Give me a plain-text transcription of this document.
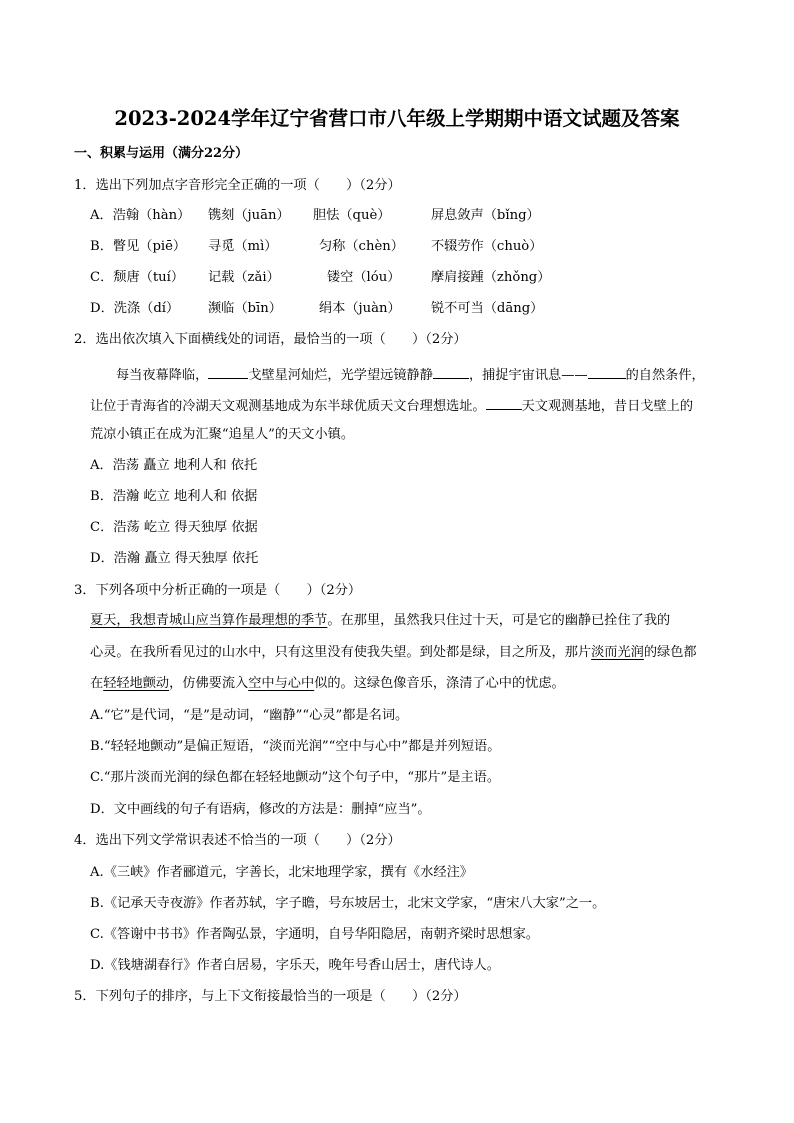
2023-2024学年辽宁省营口市八年级上学期期中语文试题及答案
一、积累与运用（满分22分）
1．选出下列加点字音形完全正确的一项（　　）（2分）
A．浩翰（hàn） 镌刻（juān） 胆怯（què）	屏息敛声（bǐng）
B．瞥见（piē） 寻觅（mì）	匀称（chèn） 不辍劳作（chuò）
C．颓唐（tuí） 记载（zǎi）	镂空（lóu） 摩肩接踵（zhǒng）
D．洗涤（dí） 濒临（bīn）	绢本（juàn） 锐不可当（dāng）
2．选出依次填入下面横线处的词语，最恰当的一项（　　）（2分）
每当夜幕降临，	戈壁星河灿烂，光学望远镜静静	，捕捉宇宙讯息——	的自然条件，
让位于青海省的冷湖天文观测基地成为东半球优质天文台理想选址。	天文观测基地，昔日戈壁上的
荒凉小镇正在成为汇聚“追星人”的天文小镇。
A．浩荡 矗立 地利人和 依托
B．浩瀚 屹立 地利人和 依据
C．浩荡 屹立 得天独厚 依据
D．浩瀚 矗立 得天独厚 依托
3．下列各项中分析正确的一项是（　　）（2分）
夏天，我想青城山应当算作最理想的季节。在那里，虽然我只住过十天，可是它的幽静已拴住了我的
心灵。在我所看见过的山水中，只有这里没有使我失望。到处都是绿，目之所及，那片淡而光润的绿色都
在轻轻地颤动，仿佛要流入空中与心中似的。这绿色像音乐，涤清了心中的忧虑。
A.“它”是代词，“是”是动词，“幽静”“心灵”都是名词。
B.“轻轻地颤动”是偏正短语，“淡而光润”“空中与心中”都是并列短语。
C.“那片淡而光润的绿色都在轻轻地颤动”这个句子中，“那片”是主语。
D．文中画线的句子有语病，修改的方法是：删掉“应当”。
4．选出下列文学常识表述不恰当的一项（　　）（2分）
A.《三峡》作者郦道元，字善长，北宋地理学家，撰有《水经注》
B.《记承天寺夜游》作者苏轼，字子瞻，号东坡居士，北宋文学家，“唐宋八大家”之一。
C.《答谢中书书》作者陶弘景，字通明，自号华阳隐居，南朝齐梁时思想家。
D.《钱塘湖春行》作者白居易，字乐天，晚年号香山居士，唐代诗人。
5．下列句子的排序，与上下文衔接最恰当的一项是（　　）（2分）
